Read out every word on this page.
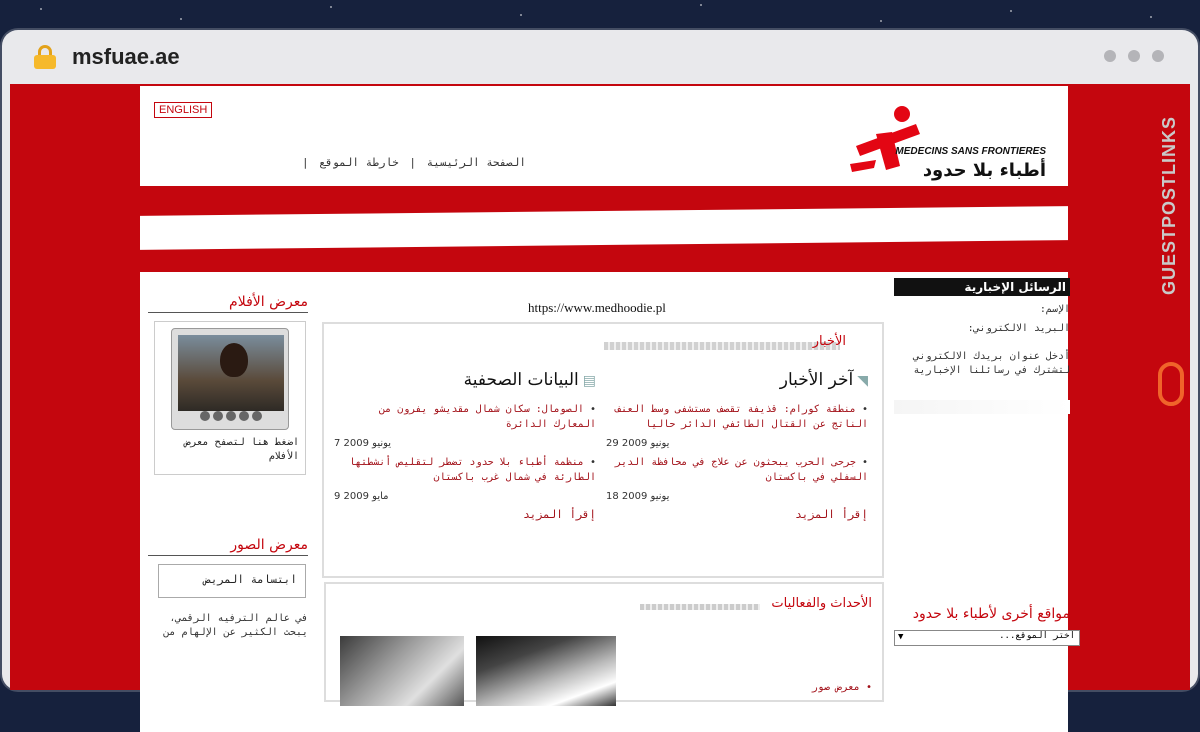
msfuae.ae
ENGLISH
الصفحة الرئيسية | خارطة الموقع |
MEDECINS SANS FRONTIERES
أطباء بلا حدود
معرض الأفلام
اضغط هنا لتصفح معرض الأفلام
معرض الصور
ابتسامة المريض
في عالم الترفيه الرقمي، يبحث الكثير عن الإلهام من
https://www.medhoodie.pl
الأخبار
◥آخر الأخبار
• منطقة كورام: قذيفة تقصف مستشفى وسط العنف الناتج عن القتال الطائفي الدائر حاليا
29 يونيو 2009
• جرحى الحرب يبحثون عن علاج في محافظة الدير السفلي في باكستان
18 يونيو 2009
إقرأ المزيد
▤البيانات الصحفية
• الصومال: سكان شمال مقديشو يفرون من المعارك الدائرة
7 يونيو 2009
• منظمة أطباء بلا حدود تضطر لتقليص أنشطتها الطارئة في شمال غرب باكستان
9 مايو 2009
إقرأ المزيد
الأحداث والفعاليات
• معرض صور
الرسائل الإخبارية
الإسم:
البريد الالكتروني:
أدخل عنوان بريدك الالكتروني لتشترك في رسائلنا الإخبارية
مواقع أخرى لأطباء بلا حدود
▼	اختر الموقع...
GUESTPOSTLINKS
